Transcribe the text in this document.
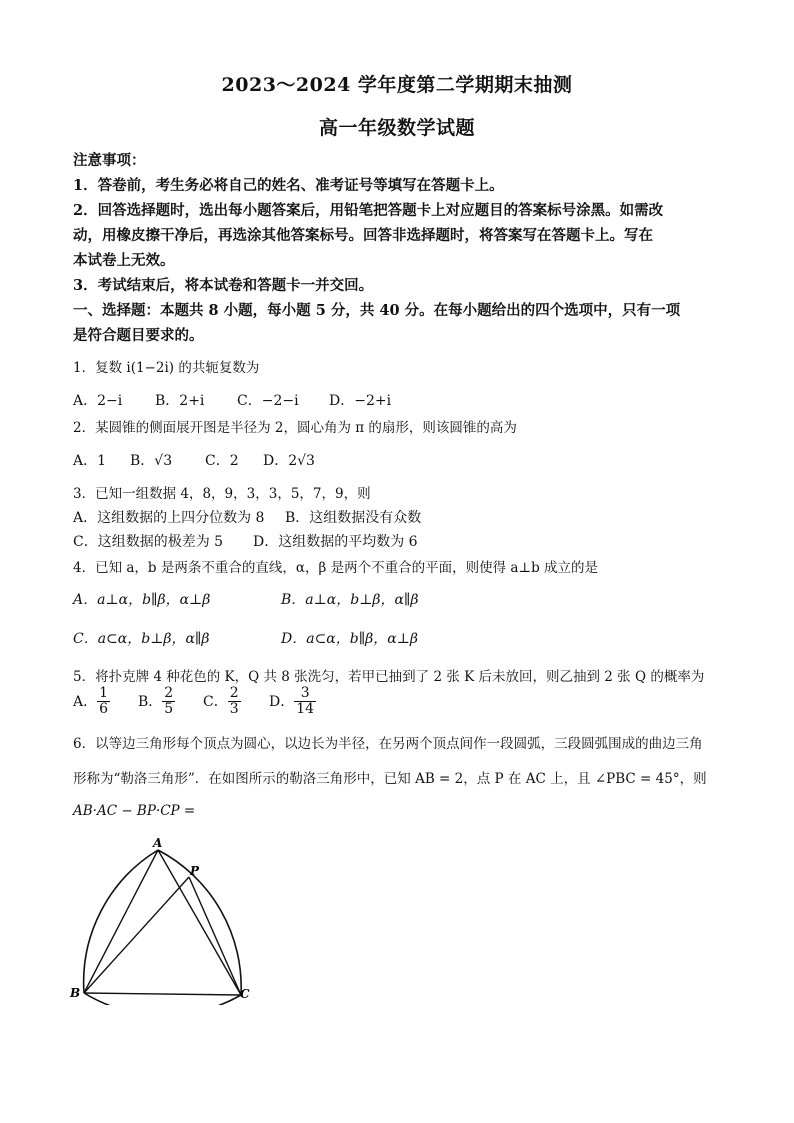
2023～2024 学年度第二学期期末抽测
高一年级数学试题
注意事项：
1．答卷前，考生务必将自己的姓名、准考证号等填写在答题卡上。
2．回答选择题时，选出每小题答案后，用铅笔把答题卡上对应题目的答案标号涂黑。如需改
动，用橡皮擦干净后，再选涂其他答案标号。回答非选择题时，将答案写在答题卡上。写在
本试卷上无效。
3．考试结束后，将本试卷和答题卡一并交回。
一、选择题：本题共 8 小题，每小题 5 分，共 40 分。在每小题给出的四个选项中，只有一项
是符合题目要求的。
1．复数 i(1−2i) 的共轭复数为
A．2−i B．2+i C．−2−i D．−2+i
2．某圆锥的侧面展开图是半径为 2，圆心角为 π 的扇形，则该圆锥的高为
A．1 B．√3 C．2 D．2√3
3．已知一组数据 4，8，9，3，3，5，7，9，则
A．这组数据的上四分位数为 8 B．这组数据没有众数
C．这组数据的极差为 5 D．这组数据的平均数为 6
4．已知 a，b 是两条不重合的直线，α，β 是两个不重合的平面，则使得 a⊥b 成立的是
A．a⊥α，b∥β，α⊥β	B．a⊥α，b⊥β，α∥β
C．a⊂α，b⊥β，α∥β	D．a⊂α，b∥β，α⊥β
5．将扑克牌 4 种花色的 K，Q 共 8 张洗匀，若甲已抽到了 2 张 K 后未放回，则乙抽到 2 张 Q 的概率为
A． $\frac{1}{6}$ B． $\frac{2}{5}$ C． $\frac{2}{3}$ D． $\frac{3}{14}$
6．以等边三角形每个顶点为圆心，以边长为半径，在另两个顶点间作一段圆弧，三段圆弧围成的曲边三角
形称为“勒洛三角形”．在如图所示的勒洛三角形中，已知 AB = 2，点 P 在 AC 上，且 ∠PBC = 45°，则
AB·AC − BP·CP =
A
B	C
P
